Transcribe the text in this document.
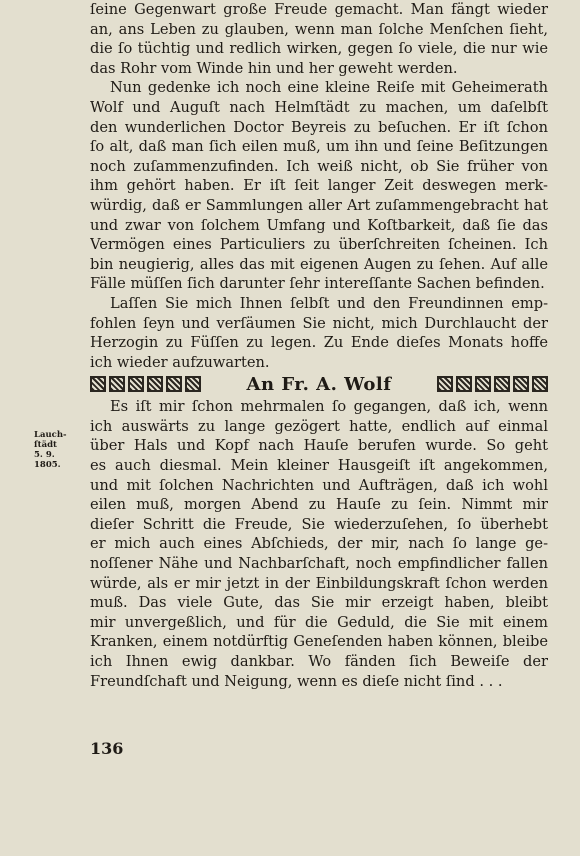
ſeine Gegenwart große Freude gemacht. Man fängt wieder
an, ans Leben zu glauben, wenn man ſolche Menſchen ſieht,
die ſo tüchtig und redlich wirken, gegen ſo viele, die nur wie
das Rohr vom Winde hin und her geweht werden.
Nun gedenke ich noch eine kleine Reiſe mit Geheimerath
Wolf und Auguſt nach Helmſtädt zu machen, um daſelbſt
den wunderlichen Doctor Beyreis zu beſuchen. Er iſt ſchon
ſo alt, daß man ſich eilen muß, um ihn und ſeine Beſitzungen
noch zuſammenzufinden. Ich weiß nicht, ob Sie früher von
ihm gehört haben. Er iſt ſeit langer Zeit deswegen merk-
würdig, daß er Sammlungen aller Art zuſammengebracht hat
und zwar von ſolchem Umfang und Koſtbarkeit, daß ſie das
Vermögen eines Particuliers zu überſchreiten ſcheinen. Ich
bin neugierig, alles das mit eigenen Augen zu ſehen. Auf alle
Fälle müſſen ſich darunter ſehr intereſſante Sachen befinden.
Laſſen Sie mich Ihnen ſelbſt und den Freundinnen emp-
fohlen ſeyn und verſäumen Sie nicht, mich Durchlaucht der
Herzogin zu Füſſen zu legen. Zu Ende dieſes Monats hoffe
ich wieder aufzuwarten.
An Fr. A. Wolf
Es iſt mir ſchon mehrmalen ſo gegangen, daß ich, wenn
ich auswärts zu lange gezögert hatte, endlich auf einmal
über Hals und Kopf nach Hauſe berufen wurde. So geht
es auch diesmal. Mein kleiner Hausgeiſt iſt angekommen,
und mit ſolchen Nachrichten und Aufträgen, daß ich wohl
eilen muß, morgen Abend zu Hauſe zu ſein. Nimmt mir
dieſer Schritt die Freude, Sie wiederzuſehen, ſo überhebt
er mich auch eines Abſchieds, der mir, nach ſo lange ge-
noſſener Nähe und Nachbarſchaft, noch empfindlicher fallen
würde, als er mir jetzt in der Einbildungskraft ſchon werden
muß. Das viele Gute, das Sie mir erzeigt haben, bleibt
mir unvergeßlich, und für die Geduld, die Sie mit einem
Kranken, einem notdürftig Geneſenden haben können, bleibe
ich Ihnen ewig dankbar. Wo fänden ſich Beweiſe der
Freundſchaft und Neigung, wenn es dieſe nicht ſind . . .
Lauch-
ſtädt
5. 9.
1805.
136
